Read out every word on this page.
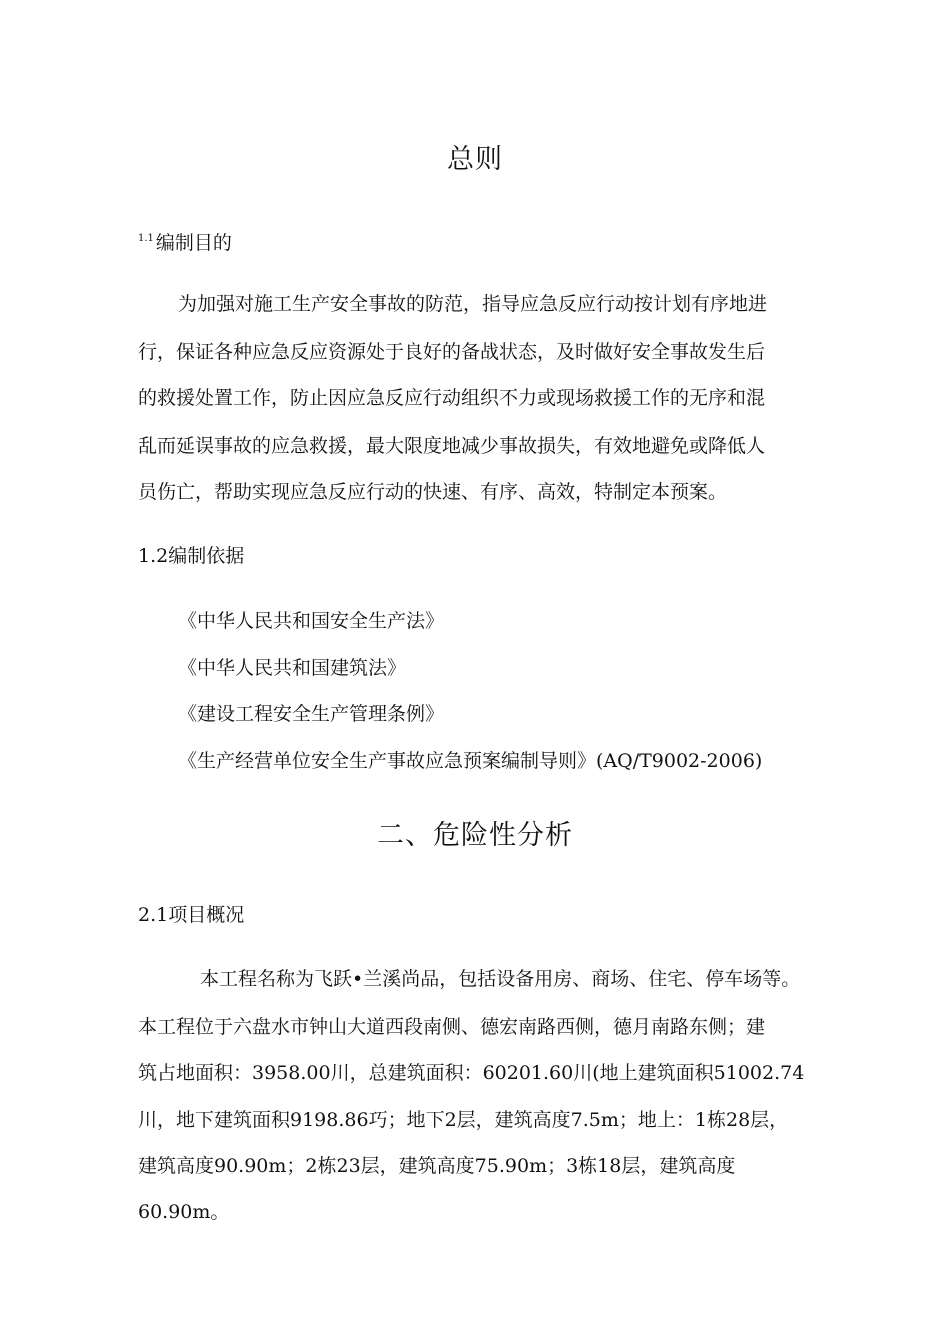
总则
$^{1.1}$ 编制目的
为加强对施工生产安全事故的防范，指导应急反应行动按计划有序地进
行，保证各种应急反应资源处于良好的备战状态，及时做好安全事故发生后
的救援处置工作，防止因应急反应行动组织不力或现场救援工作的无序和混
乱而延误事故的应急救援，最大限度地减少事故损失，有效地避免或降低人
员伤亡，帮助实现应急反应行动的快速、有序、高效，特制定本预案。
1.2编制依据
《中华人民共和国安全生产法》
《中华人民共和国建筑法》
《建设工程安全生产管理条例》
《生产经营单位安全生产事故应急预案编制导则》(AQ/T9002-2006)
二、危险性分析
2.1项目概况
本工程名称为飞跃•兰溪尚品，包括设备用房、商场、住宅、停车场等。
本工程位于六盘水市钟山大道西段南侧、德宏南路西侧，德月南路东侧；建
筑占地面积：3958.00川，总建筑面积：60201.60川(地上建筑面积51002.74
川，地下建筑面积9198.86巧；地下2层，建筑高度7.5m；地上：1栋28层，
建筑高度90.90m；2栋23层，建筑高度75.90m；3栋18层，建筑高度
60.90m。
